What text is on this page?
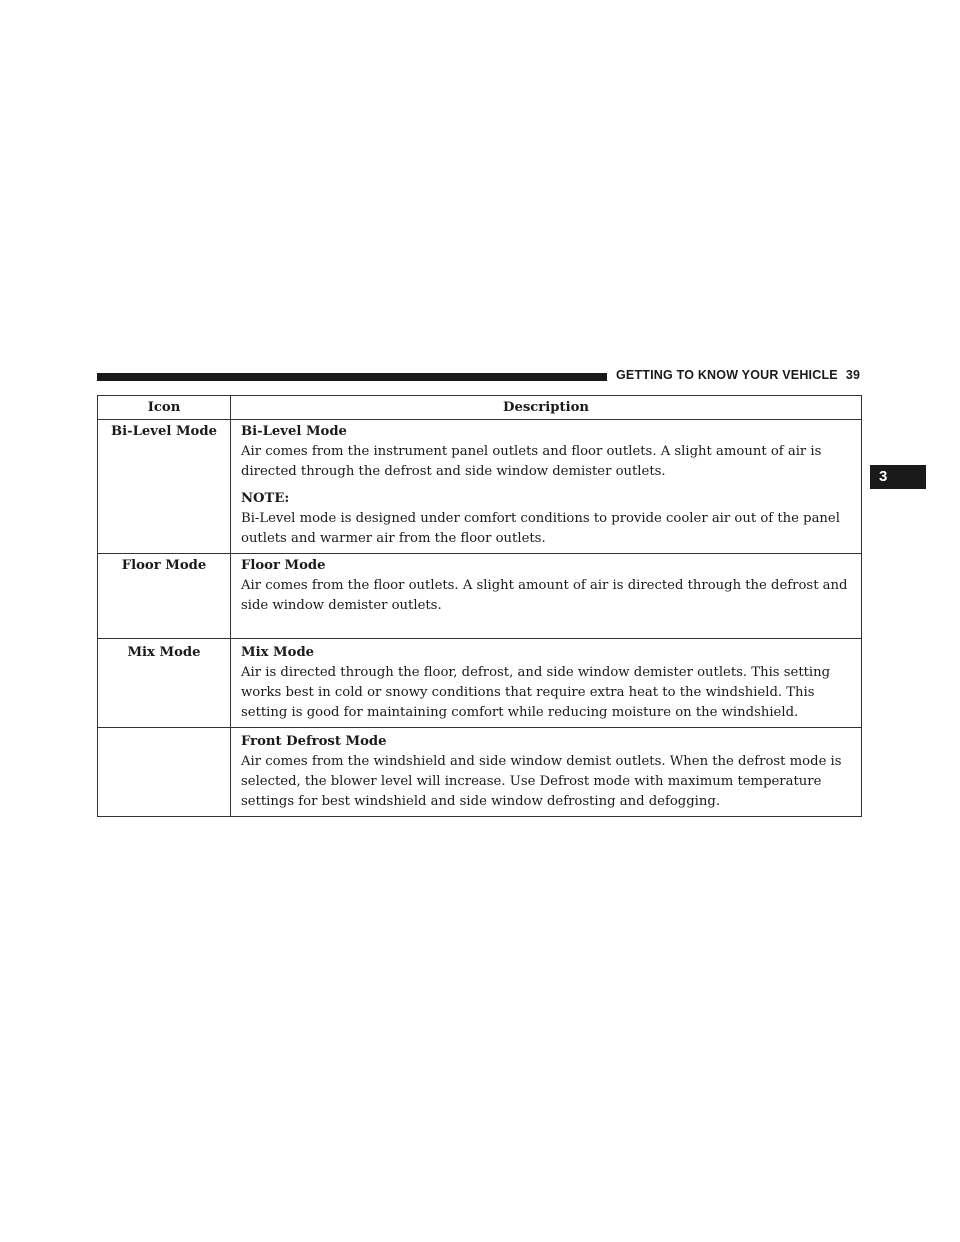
GETTING TO KNOW YOUR VEHICLE 39
3
Icon	Description
Bi-Level Mode	Bi-Level Mode
Air comes from the instrument panel outlets and floor outlets. A slight amount of air is directed through the defrost and side window demister outlets.
NOTE:
Bi-Level mode is designed under comfort conditions to provide cooler air out of the panel outlets and warmer air from the floor outlets.

Floor Mode	Floor Mode
Air comes from the floor outlets. A slight amount of air is directed through the defrost and side window demister outlets.

Mix Mode	Mix Mode
Air is directed through the floor, defrost, and side window demister outlets. This setting works best in cold or snowy conditions that require extra heat to the windshield. This setting is good for maintaining comfort while reducing moisture on the windshield.

	Front Defrost Mode
Air comes from the windshield and side window demist outlets. When the defrost mode is selected, the blower level will increase. Use Defrost mode with maximum temperature settings for best windshield and side window defrosting and defogging.
